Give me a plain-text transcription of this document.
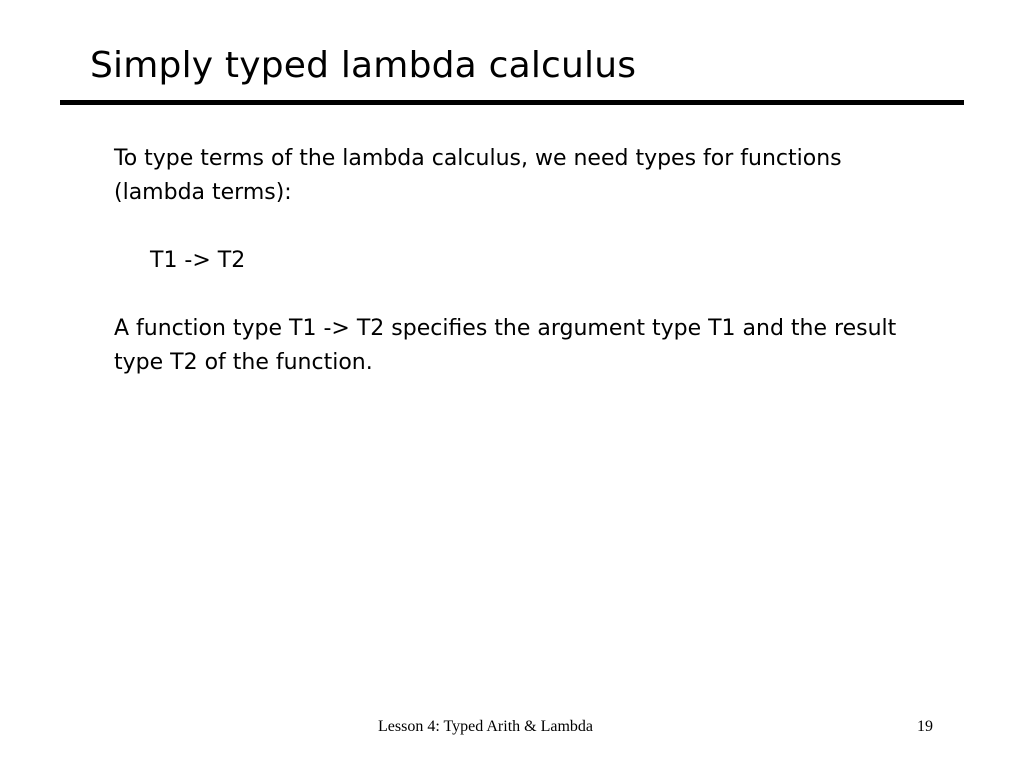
Simply typed lambda calculus

To type terms of the lambda calculus, we need types for functions (lambda terms):

T1 -> T2

A function type T1 -> T2 specifies the argument type T1 and the result type T2 of the function.

Lesson 4: Typed Arith & Lambda	19
